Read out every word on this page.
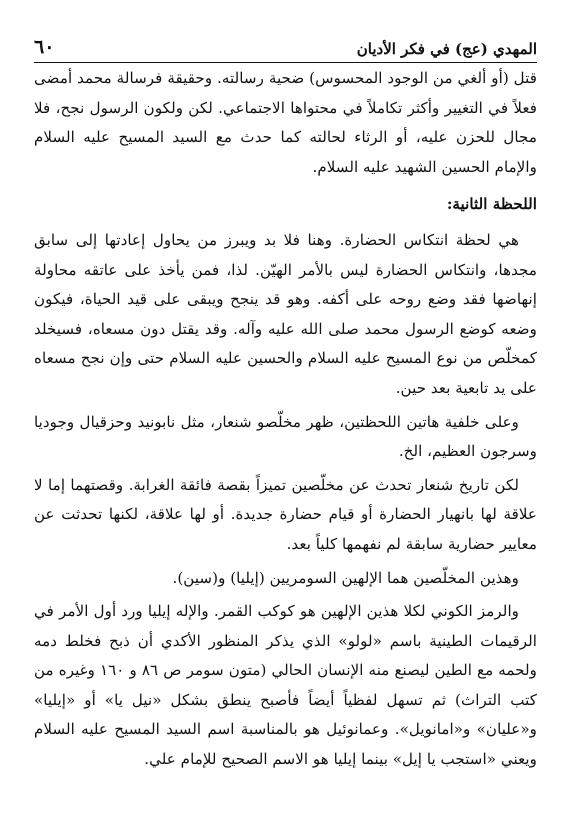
المهدي (عج) في فكر الأديان
٦٠

قتل (أو ألغي من الوجود المحسوس) ضحية رسالته. وحقيقة فرسالة محمد أمضى فعلاً في التغيير وأكثر تكاملاً في محتواها الاجتماعي. لكن ولكون الرسول نجح، فلا مجال للحزن عليه، أو الرثاء لحالته كما حدث مع السيد المسيح عليه السلام والإمام الحسين الشهيد عليه السلام.

اللحظة الثانية:

هي لحظة انتكاس الحضارة. وهنا فلا بد ويبرز من يحاول إعادتها إلى سابق مجدها، وانتكاس الحضارة ليس بالأمر الهيّن. لذا، فمن يأخذ على عاتقه محاولة إنهاضها فقد وضع روحه على أكفه. وهو قد ينجح ويبقى على قيد الحياة، فيكون وضعه كوضع الرسول محمد صلى الله عليه وآله. وقد يقتل دون مسعاه، فسيخلد كمخلّص من نوع المسيح عليه السلام والحسين عليه السلام حتى وإن نجح مسعاه على يد تابعية بعد حين.

وعلى خلفية هاتين اللحظتين، ظهر مخلّصو شنعار، مثل نابونيد وحزقيال وجوديا وسرجون العظيم، الخ.

لكن تاريخ شنعار تحدث عن مخلّصين تميزاً بقصة فائقة الغرابة. وقصتهما إما لا علاقة لها بانهيار الحضارة أو قيام حضارة جديدة. أو لها علاقة، لكنها تحدثت عن معايير حضارية سابقة لم نفهمها كلياً بعد.

وهذين المخلّصين هما الإلهين السومريين (إيليا) و(سين).

والرمز الكوني لكلا هذين الإلهين هو كوكب القمر. والإله إيليا ورد أول الأمر في الرقيمات الطينية باسم «لولو» الذي يذكر المنظور الأكدي أن ذبح فخلط دمه ولحمه مع الطين ليصنع منه الإنسان الحالي (متون سومر ص ٨٦ و ١٦٠ وغيره من كتب التراث) ثم تسهل لفظياً أيضاً فأصبح ينطق بشكل «نيل يا» أو «إيليا» و«عليان» و«امانويل». وعمانوئيل هو بالمناسبة اسم السيد المسيح عليه السلام ويعني «استجب يا إيل» بينما إيليا هو الاسم الصحيح للإمام علي.
